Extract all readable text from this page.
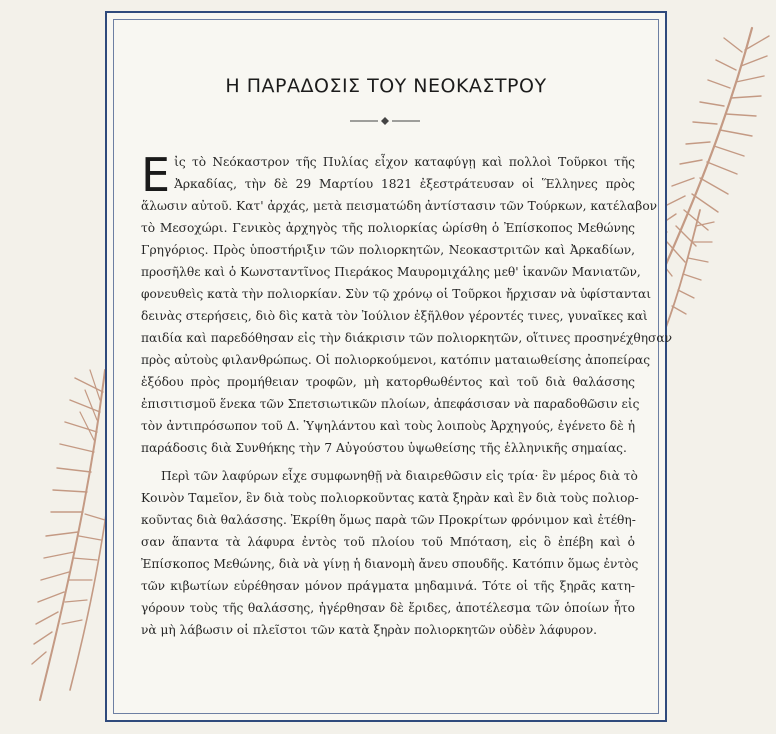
Η ΠΑΡΑΔΟΣΙΣ ΤΟΥ ΝΕΟΚΑΣΤΡΟΥ
Ε ἰς τὸ Νεόκαστρον τῆς Πυλίας εἶχον καταφύγῃ καὶ πολλοὶ Τοῦρκοι τῆς
Ἀρκαδίας, τὴν δὲ 29 Μαρτίου 1821 ἐξεστράτευσαν οἱ Ἕλληνες πρὸς
ἅλωσιν αὐτοῦ. Κατ' ἀρχάς, μετὰ πεισματώδη ἀντίστασιν τῶν Τούρκων, κατέλαβον
τὸ Μεσοχώρι. Γενικὸς ἀρχηγὸς τῆς πολιορκίας ὡρίσθη ὁ Ἐπίσκοπος Μεθώνης
Γρηγόριος. Πρὸς ὑποστήριξιν τῶν πολιορκητῶν, Νεοκαστριτῶν καὶ Ἀρκαδίων,
προσῆλθε καὶ ὁ Κωνσταντῖνος Πιεράκος Μαυρομιχάλης μεθ' ἱκανῶν Μανιατῶν,
φονευθεὶς κατὰ τὴν πολιορκίαν. Σὺν τῷ χρόνῳ οἱ Τοῦρκοι ἤρχισαν νὰ ὑφίστανται
δεινὰς στερήσεις, διὸ δὶς κατὰ τὸν Ἰούλιον ἐξῆλθον γέροντές τινες, γυναῖκες καὶ
παιδία καὶ παρεδόθησαν εἰς τὴν διάκρισιν τῶν πολιορκητῶν, οἵτινες προσηνέχθησαν
πρὸς αὐτοὺς φιλανθρώπως. Οἱ πολιορκούμενοι, κατόπιν ματαιωθείσης ἀποπείρας
ἐξόδου πρὸς προμήθειαν τροφῶν, μὴ κατορθωθέντος καὶ τοῦ διὰ θαλάσσης
ἐπισιτισμοῦ ἕνεκα τῶν Σπετσιωτικῶν πλοίων, ἀπεφάσισαν νὰ παραδοθῶσιν εἰς
τὸν ἀντιπρόσωπον τοῦ Δ. Ὑψηλάντου καὶ τοὺς λοιποὺς Ἀρχηγούς, ἐγένετο δὲ ἡ
παράδοσις διὰ Συνθήκης τὴν 7 Αὐγούστου ὑψωθείσης τῆς ἑλληνικῆς σημαίας.
Περὶ τῶν λαφύρων εἶχε συμφωνηθῇ νὰ διαιρεθῶσιν εἰς τρία· ἓν μέρος διὰ τὸ
Κοινὸν Ταμεῖον, ἓν διὰ τοὺς πολιορκοῦντας κατὰ ξηρὰν καὶ ἓν διὰ τοὺς πολιορ-
κοῦντας διὰ θαλάσσης. Ἐκρίθη ὅμως παρὰ τῶν Προκρίτων φρόνιμον καὶ ἐτέθη-
σαν ἅπαντα τὰ λάφυρα ἐντὸς τοῦ πλοίου τοῦ Μπόταση, εἰς ὃ ἐπέβη καὶ ὁ
Ἐπίσκοπος Μεθώνης, διὰ νὰ γίνῃ ἡ διανομὴ ἄνευ σπουδῆς. Κατόπιν ὅμως ἐντὸς
τῶν κιβωτίων εὑρέθησαν μόνον πράγματα μηδαμινά. Τότε οἱ τῆς ξηρᾶς κατη-
γόρουν τοὺς τῆς θαλάσσης, ἠγέρθησαν δὲ ἔριδες, ἀποτέλεσμα τῶν ὁποίων ἦτο
νὰ μὴ λάβωσιν οἱ πλεῖστοι τῶν κατὰ ξηρὰν πολιορκητῶν οὐδὲν λάφυρον.
